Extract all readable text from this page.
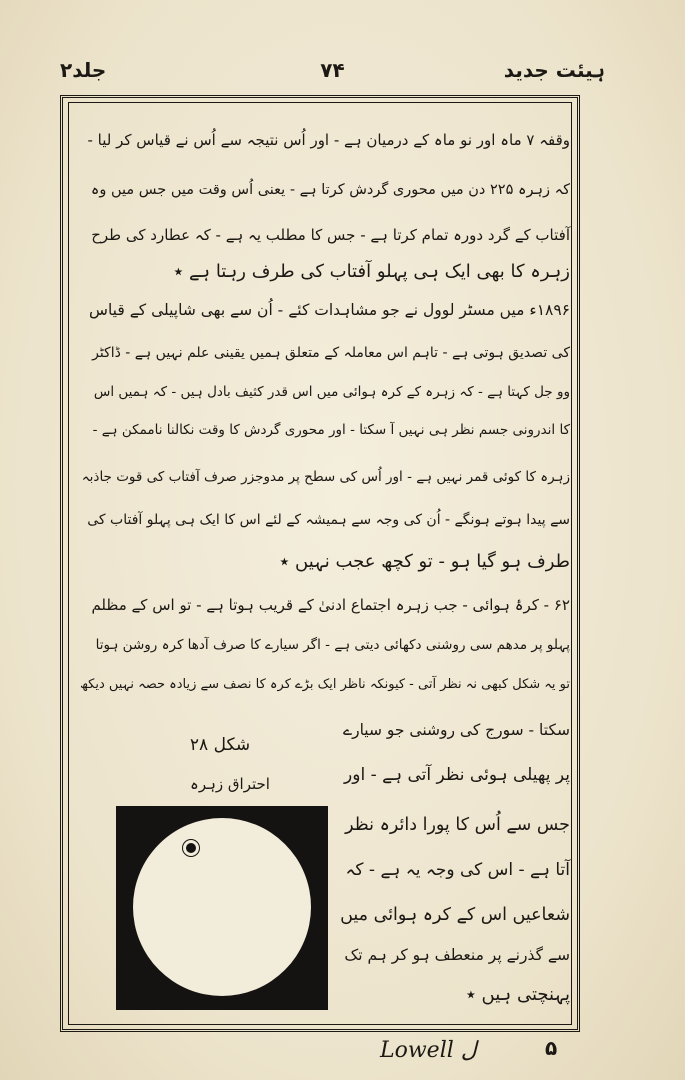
ہیئت جدید
۷۴
جلد۲
وقفہ ۷ ماہ اور نو ماہ کے درمیان ہے - اور اُس نتیجہ سے اُس نے قیاس کر لیا -
کہ زہرہ ۲۲۵ دن میں محوری گردش کرتا ہے - یعنی اُس وقت میں جس میں وہ
آفتاب کے گرد دورہ تمام کرتا ہے - جس کا مطلب یہ ہے - کہ عطارد کی طرح
زہرہ کا بھی ایک ہی پہلو آفتاب کی طرف رہتا ہے ٭
۱۸۹۶ء میں مسٹر لوول نے جو مشاہدات کئے - اُن سے بھی شاپیلی کے قیاس
کی تصدیق ہوتی ہے - تاہم اس معاملہ کے متعلق ہمیں یقینی علم نہیں ہے - ڈاکٹر
وو جل کہتا ہے - کہ زہرہ کے کرہ ہوائی میں اس قدر کثیف بادل ہیں - کہ ہمیں اس
کا اندرونی جسم نظر ہی نہیں آ سکتا - اور محوری گردش کا وقت نکالنا ناممکن ہے -
زہرہ کا کوئی قمر نہیں ہے - اور اُس کی سطح پر مدوجزر صرف آفتاب کی قوت جاذبہ
سے پیدا ہوتے ہونگے - اُن کی وجہ سے ہمیشہ کے لئے اس کا ایک ہی پہلو آفتاب کی
طرف ہو گیا ہو - تو کچھ عجب نہیں ٭
۶۲ - کرۂ ہوائی - جب زہرہ اجتماع ادنیٰ کے قریب ہوتا ہے - تو اس کے مظلم
پہلو پر مدھم سی روشنی دکھائی دیتی ہے - اگر سیارے کا صرف آدھا کرہ روشن ہوتا
تو یہ شکل کبھی نہ نظر آتی - کیونکہ ناظر ایک بڑے کرہ کا نصف سے زیادہ حصہ نہیں دیکھ
شکل ۲۸
احتراق زہرہ
سکتا - سورج کی روشنی جو سیارے
پر پھیلی ہوئی نظر آتی ہے - اور
جس سے اُس کا پورا دائرہ نظر
آتا ہے - اس کی وجہ یہ ہے - کہ
شعاعیں اس کے کرہ ہوائی میں
سے گذرنے پر منعطف ہو کر ہم تک
پہنچتی ہیں ٭
Lowell ل	۵
